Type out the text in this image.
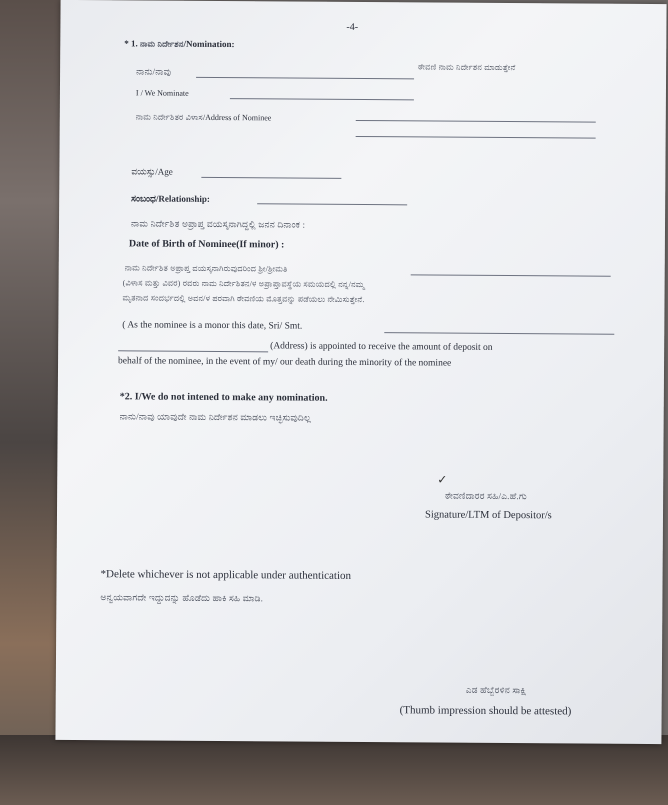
-4-
* 1. ನಾಮ ನಿರ್ದೇಶನ/Nomination:
ನಾನು/ನಾವು	ಠೇವಣಿ ನಾಮ ನಿರ್ದೇಶನ ಮಾಡುತ್ತೇನೆ
I / We Nominate
ನಾಮ ನಿರ್ದೇಶಿತರ ವಿಳಾಸ/Address of Nominee
ವಯಸ್ಸು/Age
ಸಂಬಂಧ/Relationship:
ನಾಮ ನಿರ್ದೇಶಿತ ಅಪ್ರಾಪ್ತ ವಯಸ್ಕನಾಗಿದ್ದಲ್ಲಿ ಜನನ ದಿನಾಂಕ :
Date of Birth of Nominee(If minor) :
ನಾಮ ನಿರ್ದೇಶಿತ ಅಪ್ರಾಪ್ತ ವಯಸ್ಕನಾಗಿರುವುದರಿಂದ ಶ್ರೀ/ಶ್ರೀಮತಿ
(ವಿಳಾಸ ಮತ್ತು ವಿವರ) ರವರು ನಾಮ ನಿರ್ದೇಶಿತನ/ಳ ಅಪ್ರಾಪ್ತಾವಸ್ಥೆಯ ಸಮಯದಲ್ಲಿ ನನ್ನ/ನಮ್ಮ
ಮೃತನಾದ ಸಂದರ್ಭದಲ್ಲಿ ಅವನ/ಳ ಪರವಾಗಿ ಠೇವಣಿಯ ಮೊತ್ತವನ್ನು ಪಡೆಯಲು ನೇಮಿಸುತ್ತೇನೆ.
( As the nominee is a monor this date, Sri/ Smt.
(Address) is appointed to receive the amount of deposit on
behalf of the nominee, in the event of my/ our death during the minority of the nominee
*2. I/We do not intened to make any nomination.
ನಾನು/ನಾವು ಯಾವುದೇ ನಾಮ ನಿರ್ದೇಶನ ಮಾಡಲು ಇಚ್ಛಿಸುವುದಿಲ್ಲ
✓
ಠೇವಣಿದಾರರ ಸಹಿ/ಎ.ಹೆ.ಗು
Signature/LTM of Depositor/s
*Delete whichever is not applicable under authentication
ಅನ್ವಯವಾಗದೇ ಇದ್ದುದನ್ನು ಹೊಡೆದು ಹಾಕಿ ಸಹಿ ಮಾಡಿ.
ಎಡ ಹೆಬ್ಬೆರಳಿನ ಸಾಕ್ಷಿ
(Thumb impression should be attested)
